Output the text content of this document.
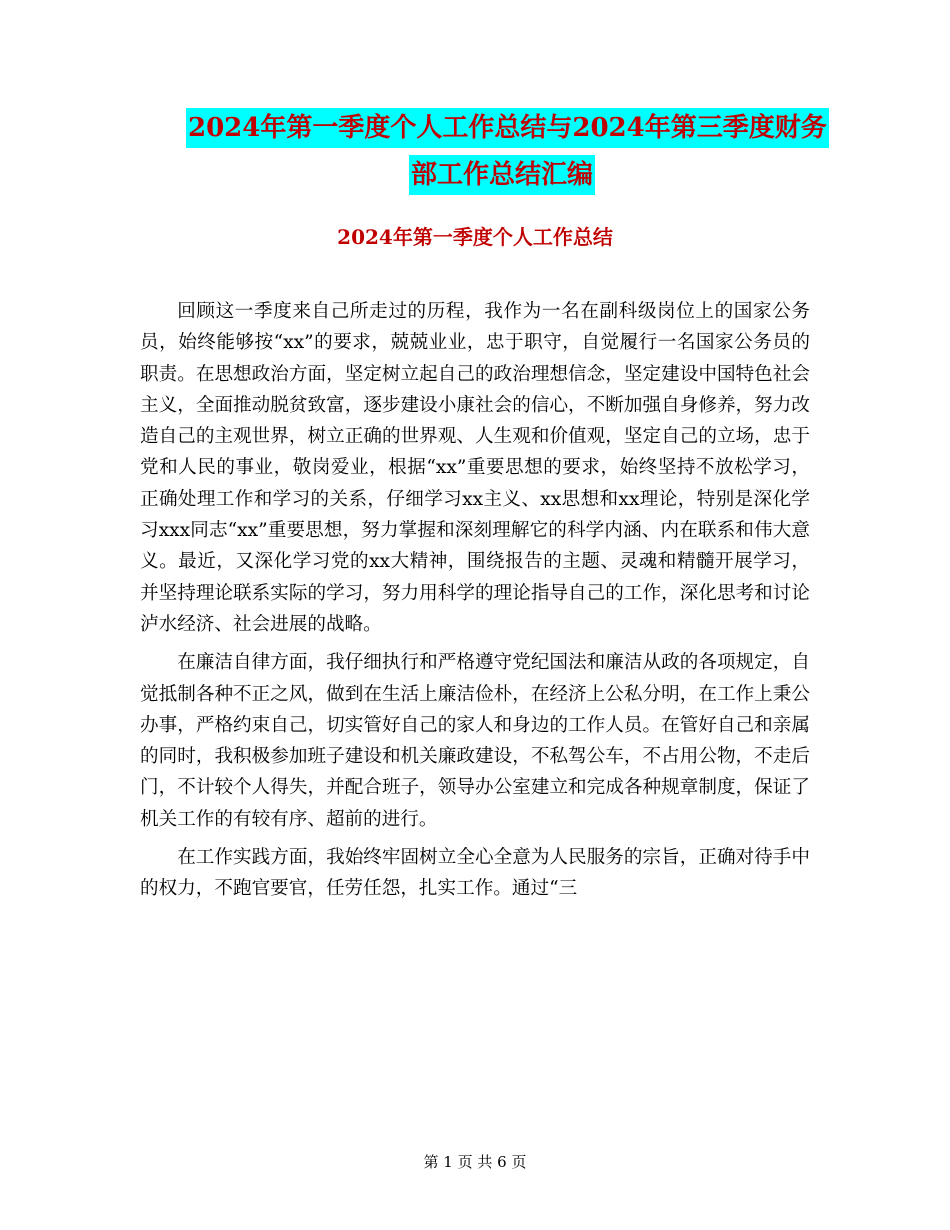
2024年第一季度个人工作总结与2024年第三季度财务
部工作总结汇编
2024年第一季度个人工作总结

回顾这一季度来自己所走过的历程，我作为一名在副科级岗位上的国家公务员，始终能够按“xx”的要求，兢兢业业，忠于职守，自觉履行一名国家公务员的职责。在思想政治方面，坚定树立起自己的政治理想信念，坚定建设中国特色社会主义，全面推动脱贫致富，逐步建设小康社会的信心，不断加强自身修养，努力改造自己的主观世界，树立正确的世界观、人生观和价值观，坚定自己的立场，忠于党和人民的事业，敬岗爱业，根据“xx”重要思想的要求，始终坚持不放松学习，正确处理工作和学习的关系，仔细学习xx主义、xx思想和xx理论，特别是深化学习xxx同志“xx”重要思想，努力掌握和深刻理解它的科学内涵、内在联系和伟大意义。最近，又深化学习党的xx大精神，围绕报告的主题、灵魂和精髓开展学习，并坚持理论联系实际的学习，努力用科学的理论指导自己的工作，深化思考和讨论泸水经济、社会进展的战略。

在廉洁自律方面，我仔细执行和严格遵守党纪国法和廉洁从政的各项规定，自觉抵制各种不正之风，做到在生活上廉洁俭朴，在经济上公私分明，在工作上秉公办事，严格约束自己，切实管好自己的家人和身边的工作人员。在管好自己和亲属的同时，我积极参加班子建设和机关廉政建设，不私驾公车，不占用公物，不走后门，不计较个人得失，并配合班子，领导办公室建立和完成各种规章制度，保证了机关工作的有较有序、超前的进行。

在工作实践方面，我始终牢固树立全心全意为人民服务的宗旨，正确对待手中的权力，不跑官要官，任劳任怨，扎实工作。通过“三

第 1 页 共 6 页
